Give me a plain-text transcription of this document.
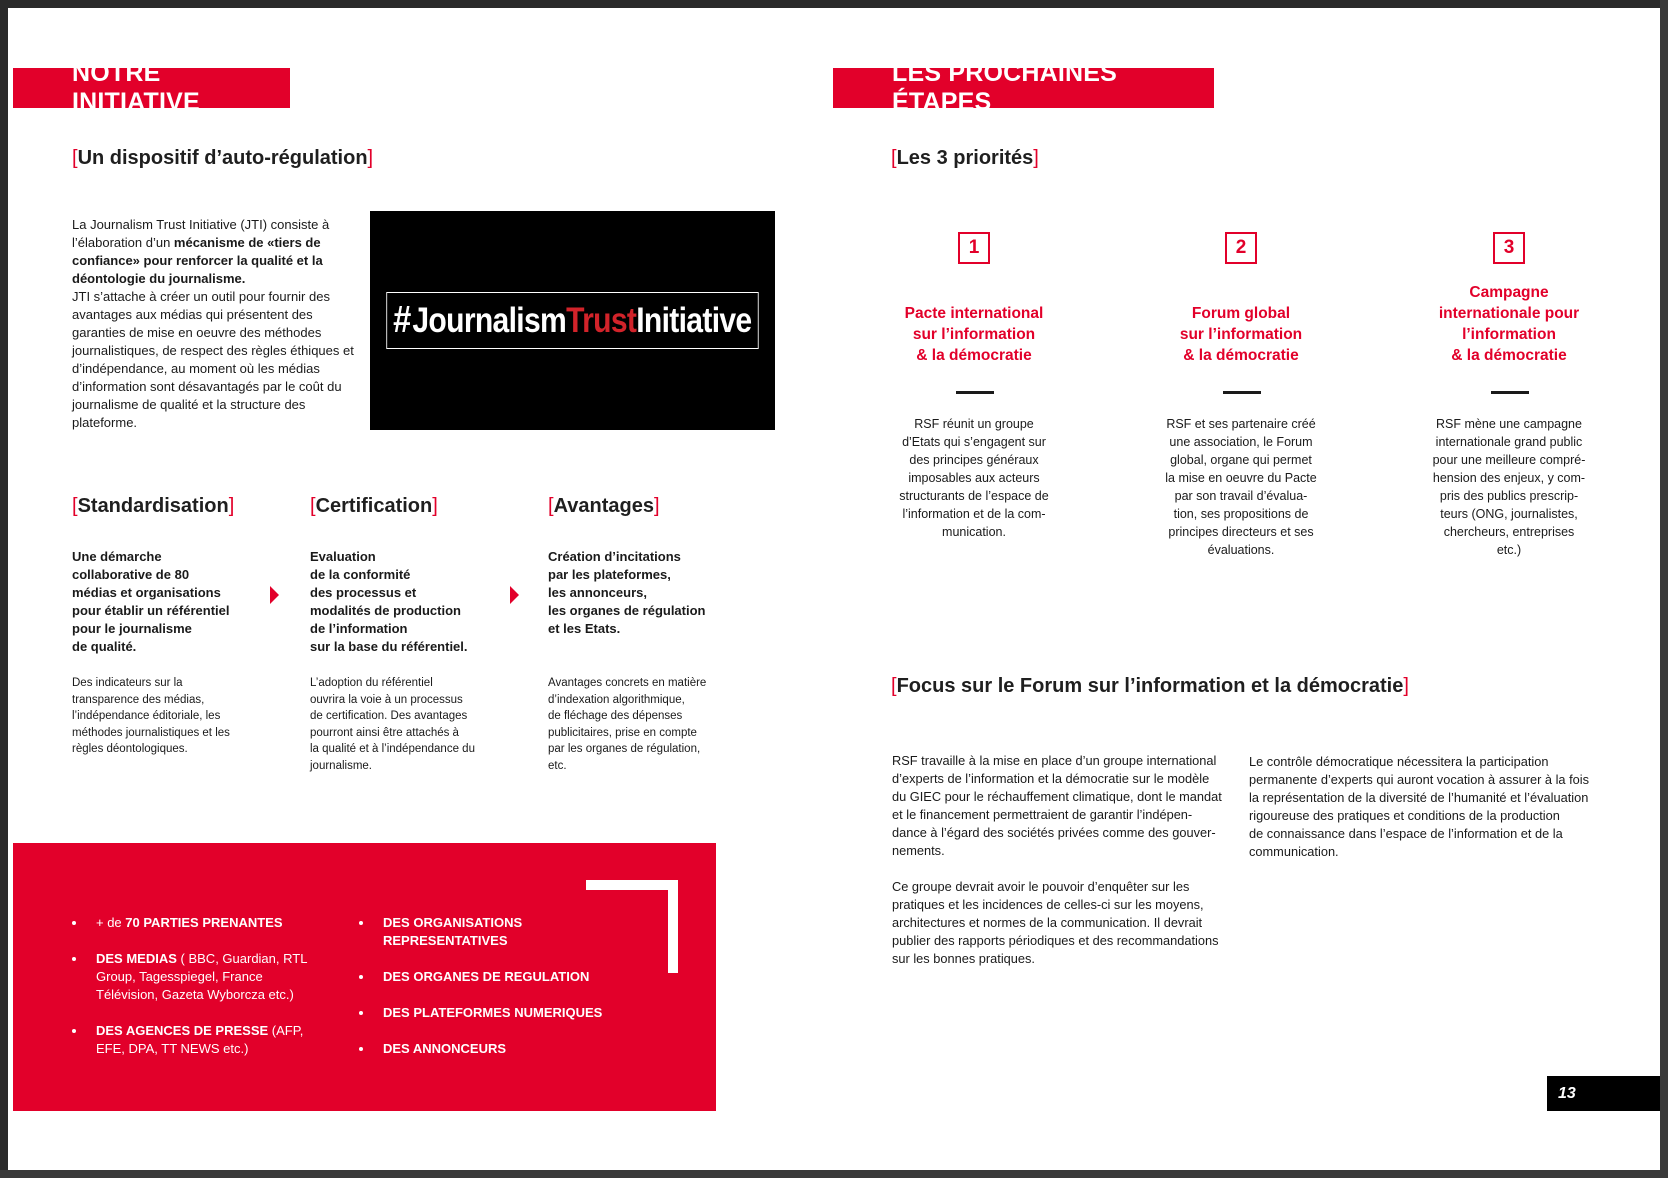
NOTRE INITIATIVE
[Un dispositif d’auto-régulation]
La Journalism Trust Initiative (JTI) consiste à l’élaboration d’un mécanisme de «tiers de confiance» pour renforcer la qualité et la déontologie du journalisme.
JTI s’attache à créer un outil pour fournir des avantages aux médias qui présentent des garanties de mise en oeuvre des méthodes journalistiques, de respect des règles éthiques et d’indépendance, au moment où les médias d’information sont désavantagés par le coût du journalisme de qualité et la structure des plateforme.
# Journalism Trust Initiative
[Standardisation]	[Certification]	[Avantages]
Une démarche
collaborative de 80
médias et organisations
pour établir un référentiel
pour le journalisme
de qualité.
Evaluation
de la conformité
des processus et
modalités de production
de l’information
sur la base du référentiel.
Création d’incitations
par les plateformes,
les annonceurs,
les organes de régulation
et les Etats.
Des indicateurs sur la
transparence des médias,
l’indépendance éditoriale, les
méthodes journalistiques et les
règles déontologiques.
L’adoption du référentiel
ouvrira la voie à un processus
de certification. Des avantages
pourront ainsi être attachés à
la qualité et à l’indépendance du
journalisme.
Avantages concrets en matière
d’indexation algorithmique,
de fléchage des dépenses
publicitaires, prise en compte
par les organes de régulation,
etc.
+ de 70 PARTIES PRENANTES
DES MEDIAS ( BBC, Guardian, RTL Group, Tagesspiegel, France Télévision, Gazeta Wyborcza etc.)
DES AGENCES DE PRESSE (AFP, EFE, DPA, TT NEWS etc.)
DES ORGANISATIONS REPRESENTATIVES
DES ORGANES DE REGULATION
DES PLATEFORMES NUMERIQUES
DES ANNONCEURS
LES PROCHAINES ÉTAPES
[Les 3 priorités]
1
Pacte international
sur l’information
& la démocratie
RSF réunit un groupe
d’Etats qui s’engagent sur
des principes généraux
imposables aux acteurs
structurants de l’espace de
l’information et de la com-
munication.
2
Forum global
sur l’information
& la démocratie
RSF et ses partenaire créé
une association, le Forum
global, organe qui permet
la mise en oeuvre du Pacte
par son travail d’évalua-
tion, ses propositions de
principes directeurs et ses
évaluations.
3
Campagne
internationale pour
l’information
& la démocratie
RSF mène une campagne
internationale grand public
pour une meilleure compré-
hension des enjeux, y com-
pris des publics prescrip-
teurs (ONG, journalistes,
chercheurs, entreprises
etc.)
[Focus sur le Forum sur l’information et la démocratie]

RSF travaille à la mise en place d’un groupe international
d’experts de l’information et la démocratie sur le modèle
du GIEC pour le réchauffement climatique, dont le mandat
et le financement permettraient de garantir l’indépen-
dance à l’égard des sociétés privées comme des gouver-
nements.

Ce groupe devrait avoir le pouvoir d’enquêter sur les
pratiques et les incidences de celles-ci sur les moyens,
architectures et normes de la communication. Il devrait
publier des rapports périodiques et des recommandations
sur les bonnes pratiques.

Le contrôle démocratique nécessitera la participation
permanente d’experts qui auront vocation à assurer à la fois
la représentation de la diversité de l’humanité et l’évaluation
rigoureuse des pratiques et conditions de la production
de connaissance dans l’espace de l’information et de la
communication.

13
